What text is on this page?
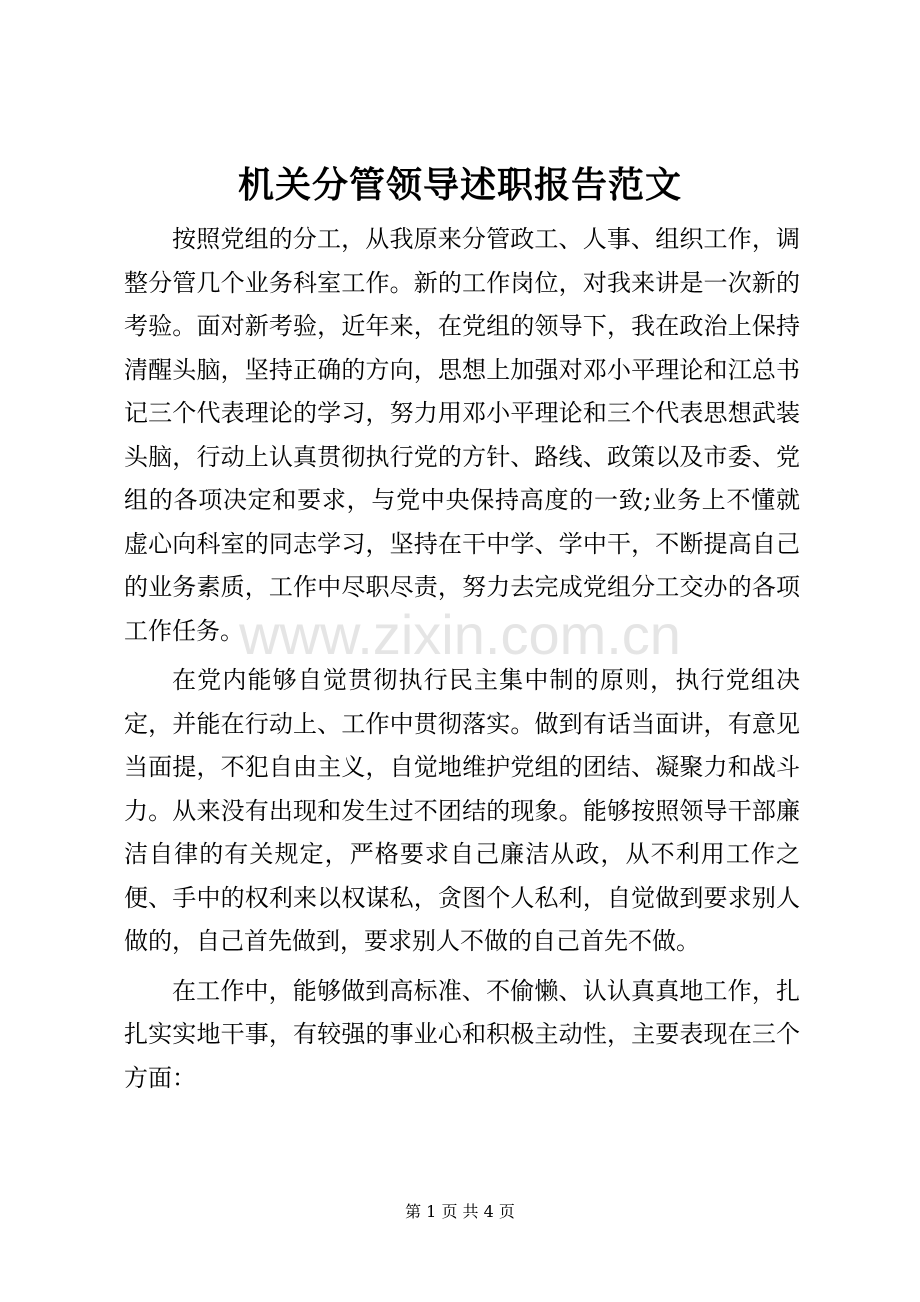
机关分管领导述职报告范文

按照党组的分工，从我原来分管政工、人事、组织工作，调整分管几个业务科室工作。新的工作岗位，对我来讲是一次新的考验。面对新考验，近年来，在党组的领导下，我在政治上保持清醒头脑，坚持正确的方向，思想上加强对邓小平理论和江总书记三个代表理论的学习，努力用邓小平理论和三个代表思想武装头脑，行动上认真贯彻执行党的方针、路线、政策以及市委、党组的各项决定和要求，与党中央保持高度的一致;业务上不懂就虚心向科室的同志学习，坚持在干中学、学中干，不断提高自己的业务素质，工作中尽职尽责，努力去完成党组分工交办的各项工作任务。

在党内能够自觉贯彻执行民主集中制的原则，执行党组决定，并能在行动上、工作中贯彻落实。做到有话当面讲，有意见当面提，不犯自由主义，自觉地维护党组的团结、凝聚力和战斗力。从来没有出现和发生过不团结的现象。能够按照领导干部廉洁自律的有关规定，严格要求自己廉洁从政，从不利用工作之便、手中的权利来以权谋私，贪图个人私利，自觉做到要求别人做的，自己首先做到，要求别人不做的自己首先不做。

在工作中，能够做到高标准、不偷懒、认认真真地工作，扎扎实实地干事，有较强的事业心和积极主动性，主要表现在三个方面：

www.zixin.com.cn
第 1 页 共 4 页
